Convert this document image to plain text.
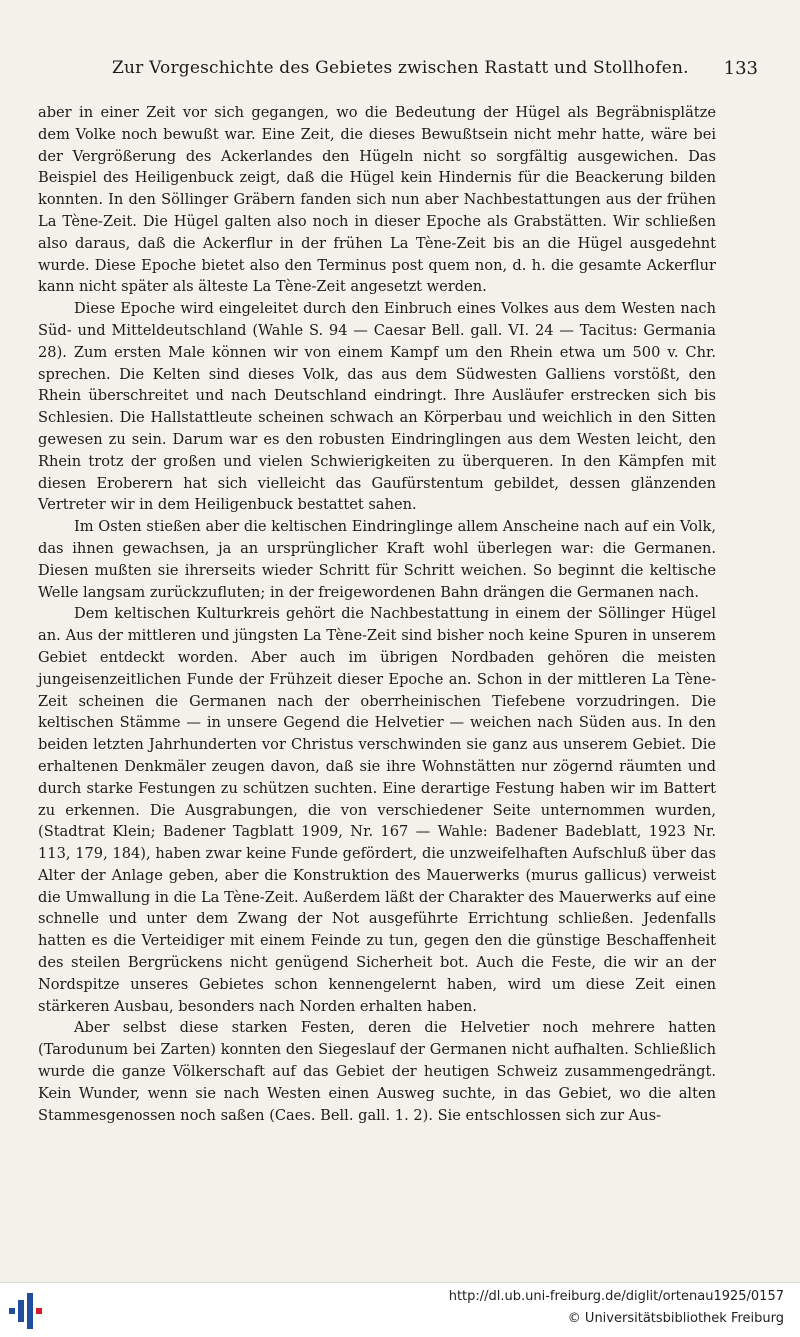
Zur Vorgeschichte des Gebietes zwischen Rastatt und Stollhofen. 133

aber in einer Zeit vor sich gegangen, wo die Bedeutung der Hügel als Begräbnisplätze dem Volke noch bewußt war. Eine Zeit, die dieses Bewußtsein nicht mehr hatte, wäre bei der Vergrößerung des Ackerlandes den Hügeln nicht so sorgfältig ausgewichen. Das Beispiel des Heiligenbuck zeigt, daß die Hügel kein Hindernis für die Beackerung bilden konnten. In den Söllinger Gräbern fanden sich nun aber Nachbestattungen aus der frühen La Tène-Zeit. Die Hügel galten also noch in dieser Epoche als Grabstätten. Wir schließen also daraus, daß die Ackerflur in der frühen La Tène-Zeit bis an die Hügel ausgedehnt wurde. Diese Epoche bietet also den Terminus post quem non, d. h. die gesamte Ackerflur kann nicht später als älteste La Tène-Zeit angesetzt werden.

Diese Epoche wird eingeleitet durch den Einbruch eines Volkes aus dem Westen nach Süd- und Mitteldeutschland (Wahle S. 94 — Caesar Bell. gall. VI. 24 — Tacitus: Germania 28). Zum ersten Male können wir von einem Kampf um den Rhein etwa um 500 v. Chr. sprechen. Die Kelten sind dieses Volk, das aus dem Südwesten Galliens vorstößt, den Rhein überschreitet und nach Deutschland eindringt. Ihre Ausläufer erstrecken sich bis Schlesien. Die Hallstattleute scheinen schwach an Körperbau und weichlich in den Sitten gewesen zu sein. Darum war es den robusten Eindringlingen aus dem Westen leicht, den Rhein trotz der großen und vielen Schwierigkeiten zu überqueren. In den Kämpfen mit diesen Eroberern hat sich vielleicht das Gaufürstentum gebildet, dessen glänzenden Vertreter wir in dem Heiligenbuck bestattet sahen.

Im Osten stießen aber die keltischen Eindringlinge allem Anscheine nach auf ein Volk, das ihnen gewachsen, ja an ursprünglicher Kraft wohl überlegen war: die Germanen. Diesen mußten sie ihrerseits wieder Schritt für Schritt weichen. So beginnt die keltische Welle langsam zurückzufluten; in der freigewordenen Bahn drängen die Germanen nach.

Dem keltischen Kulturkreis gehört die Nachbestattung in einem der Söllinger Hügel an. Aus der mittleren und jüngsten La Tène-Zeit sind bisher noch keine Spuren in unserem Gebiet entdeckt worden. Aber auch im übrigen Nordbaden gehören die meisten jungeisenzeitlichen Funde der Frühzeit dieser Epoche an. Schon in der mittleren La Tène-Zeit scheinen die Germanen nach der oberrheinischen Tiefebene vorzudringen. Die keltischen Stämme — in unsere Gegend die Helvetier — weichen nach Süden aus. In den beiden letzten Jahrhunderten vor Christus verschwinden sie ganz aus unserem Gebiet. Die erhaltenen Denkmäler zeugen davon, daß sie ihre Wohnstätten nur zögernd räumten und durch starke Festungen zu schützen suchten. Eine derartige Festung haben wir im Battert zu erkennen. Die Ausgrabungen, die von verschiedener Seite unternommen wurden, (Stadtrat Klein; Badener Tagblatt 1909, Nr. 167 — Wahle: Badener Badeblatt, 1923 Nr. 113, 179, 184), haben zwar keine Funde gefördert, die unzweifelhaften Aufschluß über das Alter der Anlage geben, aber die Konstruktion des Mauerwerks (murus gallicus) verweist die Umwallung in die La Tène-Zeit. Außerdem läßt der Charakter des Mauerwerks auf eine schnelle und unter dem Zwang der Not ausgeführte Errichtung schließen. Jedenfalls hatten es die Verteidiger mit einem Feinde zu tun, gegen den die günstige Beschaffenheit des steilen Bergrückens nicht genügend Sicherheit bot. Auch die Feste, die wir an der Nordspitze unseres Gebietes schon kennengelernt haben, wird um diese Zeit einen stärkeren Ausbau, besonders nach Norden erhalten haben.

Aber selbst diese starken Festen, deren die Helvetier noch mehrere hatten (Tarodunum bei Zarten) konnten den Siegeslauf der Germanen nicht aufhalten. Schließlich wurde die ganze Völkerschaft auf das Gebiet der heutigen Schweiz zusammengedrängt. Kein Wunder, wenn sie nach Westen einen Ausweg suchte, in das Gebiet, wo die alten Stammesgenossen noch saßen (Caes. Bell. gall. 1. 2). Sie entschlossen sich zur Aus-

http://dl.ub.uni-freiburg.de/diglit/ortenau1925/0157
© Universitätsbibliothek Freiburg
